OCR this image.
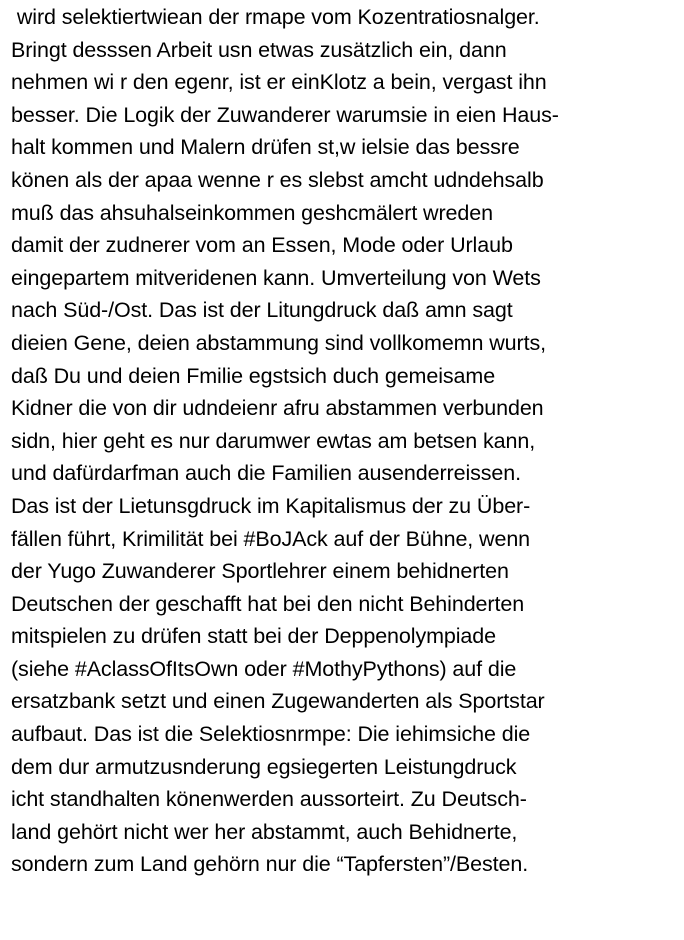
wird selektiertwiean der rmape vom Kozentratiosnalger.
Bringt desssen Arbeit usn etwas zusätzlich ein, dann
nehmen wi r den egenr, ist er einKlotz a bein, vergast ihn
besser. Die Logik der Zuwanderer warumsie in eien Haus-
halt kommen und Malern drüfen st,w ielsie das bessre
könen als der apaa wenne r es slebst amcht udndehsalb
muß das ahsuhalseinkommen geshcmälert wreden
damit der zudnerer vom an Essen, Mode oder Urlaub
eingepartem mitveridenen kann. Umverteilung von Wets
nach Süd-/Ost. Das ist der Litungdruck daß amn sagt
dieien Gene, deien abstammung sind vollkomemn wurts,
daß Du und deien Fmilie egstsich duch gemeisame
Kidner die von dir udndeienr afru abstammen verbunden
sidn, hier geht es nur darumwer ewtas am betsen kann,
und dafürdarfman auch die Familien ausenderreissen.
Das ist der Lietunsgdruck im Kapitalismus der zu Über-
fällen führt, Krimilität bei #BoJAck auf der Bühne, wenn
der Yugo Zuwanderer Sportlehrer einem behidnerten
Deutschen der geschafft hat bei den nicht Behinderten
mitspielen zu drüfen statt bei der Deppenolympiade
(siehe #AclassOfItsOwn oder #MothyPythons) auf die
ersatzbank setzt und einen Zugewanderten als Sportstar
aufbaut. Das ist die Selektiosnrmpe: Die iehimsiche die
dem dur armutzusnderung egsiegerten Leistungdruck
icht standhalten könenwerden aussorteirt. Zu Deutsch-
land gehört nicht wer her abstammt, auch Behidnerte,
sondern zum Land gehörn nur die “Tapfersten”/Besten.
